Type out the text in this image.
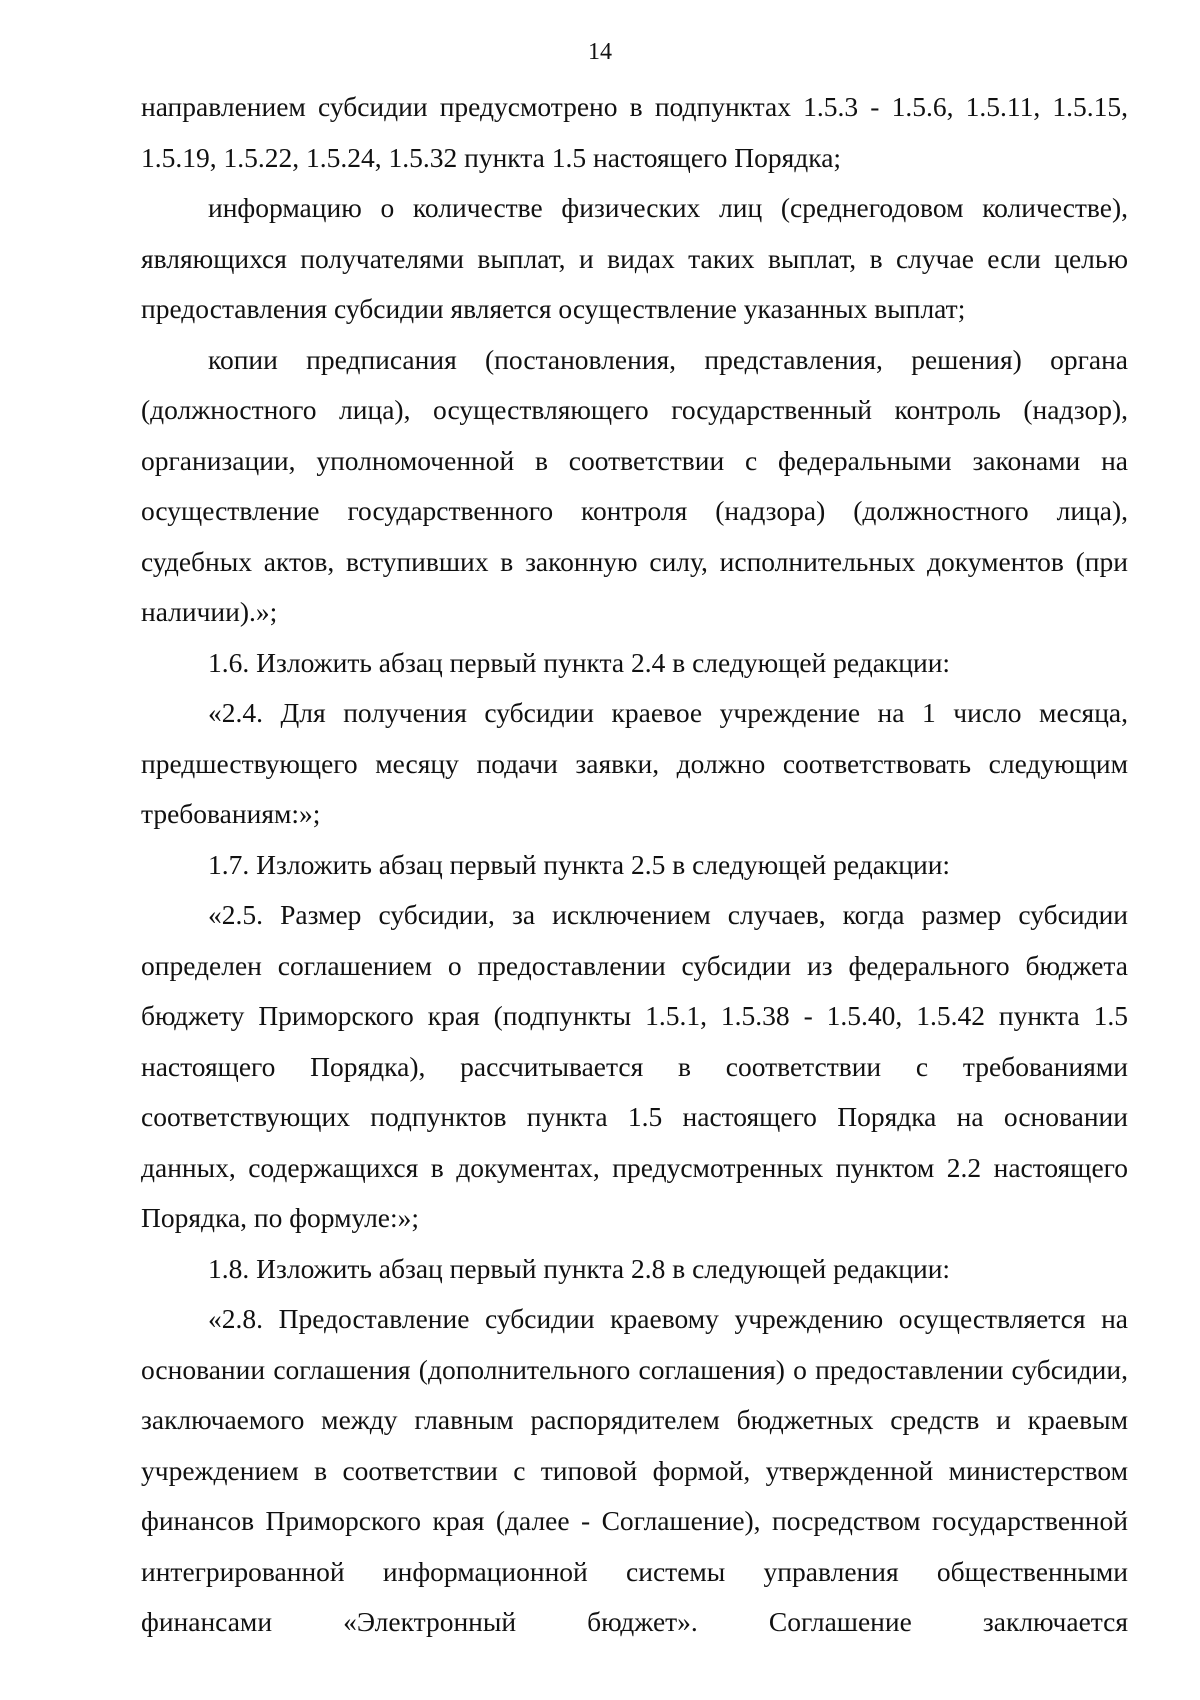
14

направлением субсидии предусмотрено в подпунктах 1.5.3 - 1.5.6, 1.5.11, 1.5.15, 1.5.19, 1.5.22, 1.5.24, 1.5.32 пункта 1.5 настоящего Порядка;

информацию о количестве физических лиц (среднегодовом количестве), являющихся получателями выплат, и видах таких выплат, в случае если целью предоставления субсидии является осуществление указанных выплат;

копии предписания (постановления, представления, решения) органа (должностного лица), осуществляющего государственный контроль (надзор), организации, уполномоченной в соответствии с федеральными законами на осуществление государственного контроля (надзора) (должностного лица), судебных актов, вступивших в законную силу, исполнительных документов (при наличии).»;

1.6. Изложить абзац первый пункта 2.4 в следующей редакции:

«2.4. Для получения субсидии краевое учреждение на 1 число месяца, предшествующего месяцу подачи заявки, должно соответствовать следующим требованиям:»;

1.7. Изложить абзац первый пункта 2.5 в следующей редакции:

«2.5. Размер субсидии, за исключением случаев, когда размер субсидии определен соглашением о предоставлении субсидии из федерального бюджета бюджету Приморского края (подпункты 1.5.1, 1.5.38 - 1.5.40, 1.5.42 пункта 1.5 настоящего Порядка), рассчитывается в соответствии с требованиями соответствующих подпунктов пункта 1.5 настоящего Порядка на основании данных, содержащихся в документах, предусмотренных пунктом 2.2 настоящего Порядка, по формуле:»;

1.8. Изложить абзац первый пункта 2.8 в следующей редакции:

«2.8. Предоставление субсидии краевому учреждению осуществляется на основании соглашения (дополнительного соглашения) о предоставлении субсидии, заключаемого между главным распорядителем бюджетных средств и краевым учреждением в соответствии с типовой формой, утвержденной министерством финансов Приморского края (далее - Соглашение), посредством государственной интегрированной информационной системы управления общественными финансами «Электронный бюджет». Соглашение заключается
